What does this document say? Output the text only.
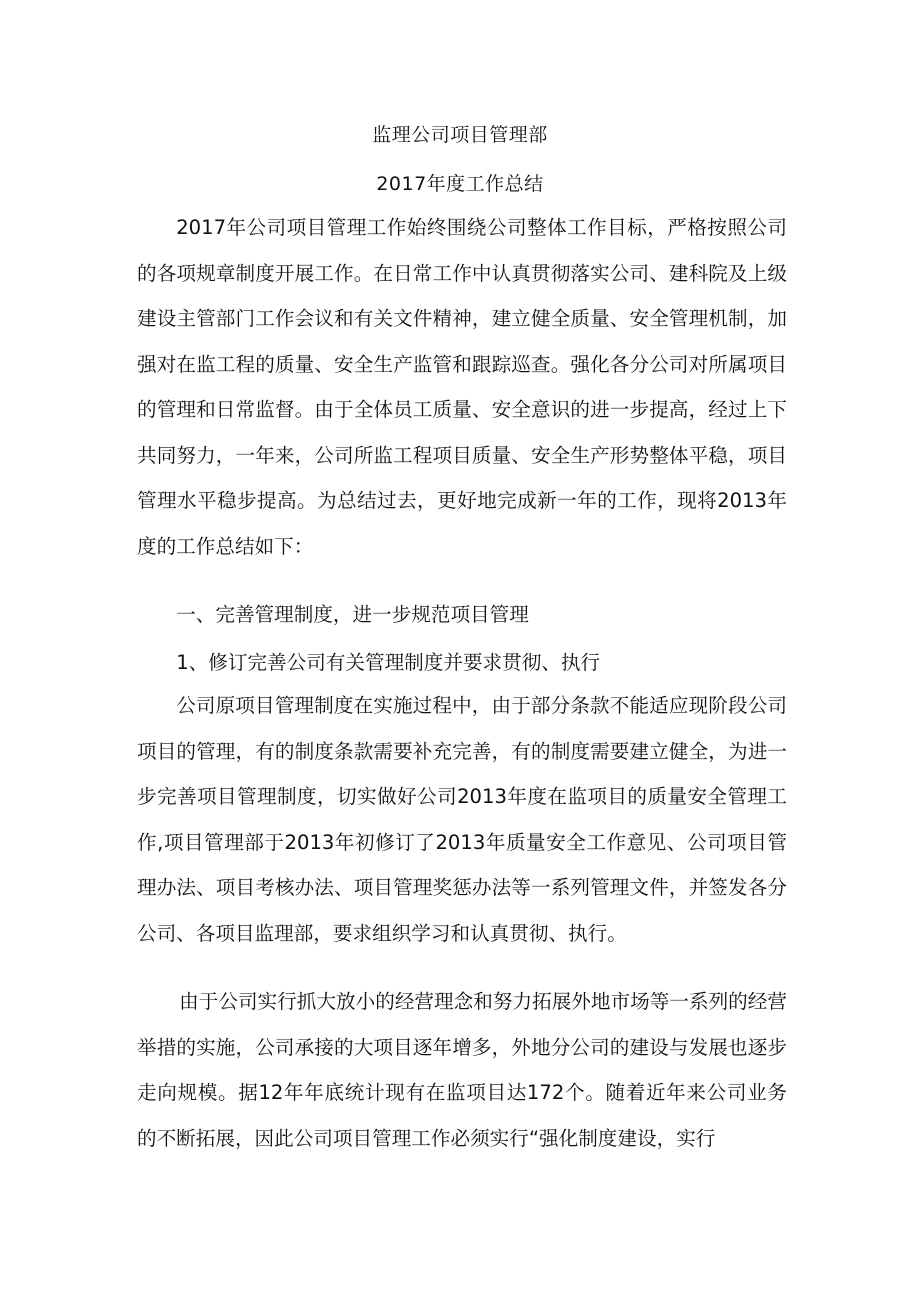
监理公司项目管理部
2017年度工作总结

2017年公司项目管理工作始终围绕公司整体工作目标，严格按照公司的各项规章制度开展工作。在日常工作中认真贯彻落实公司、建科院及上级建设主管部门工作会议和有关文件精神，建立健全质量、安全管理机制，加强对在监工程的质量、安全生产监管和跟踪巡查。强化各分公司对所属项目的管理和日常监督。由于全体员工质量、安全意识的进一步提高，经过上下共同努力，一年来，公司所监工程项目质量、安全生产形势整体平稳，项目管理水平稳步提高。为总结过去，更好地完成新一年的工作，现将2013年度的工作总结如下：

一、完善管理制度，进一步规范项目管理

1、修订完善公司有关管理制度并要求贯彻、执行

公司原项目管理制度在实施过程中，由于部分条款不能适应现阶段公司项目的管理，有的制度条款需要补充完善，有的制度需要建立健全，为进一步完善项目管理制度，切实做好公司2013年度在监项目的质量安全管理工作,项目管理部于2013年初修订了2013年质量安全工作意见、公司项目管理办法、项目考核办法、项目管理奖惩办法等一系列管理文件，并签发各分公司、各项目监理部，要求组织学习和认真贯彻、执行。

由于公司实行抓大放小的经营理念和努力拓展外地市场等一系列的经营举措的实施，公司承接的大项目逐年增多，外地分公司的建设与发展也逐步走向规模。据12年年底统计现有在监项目达172个。随着近年来公司业务的不断拓展，因此公司项目管理工作必须实行“强化制度建设，实行
